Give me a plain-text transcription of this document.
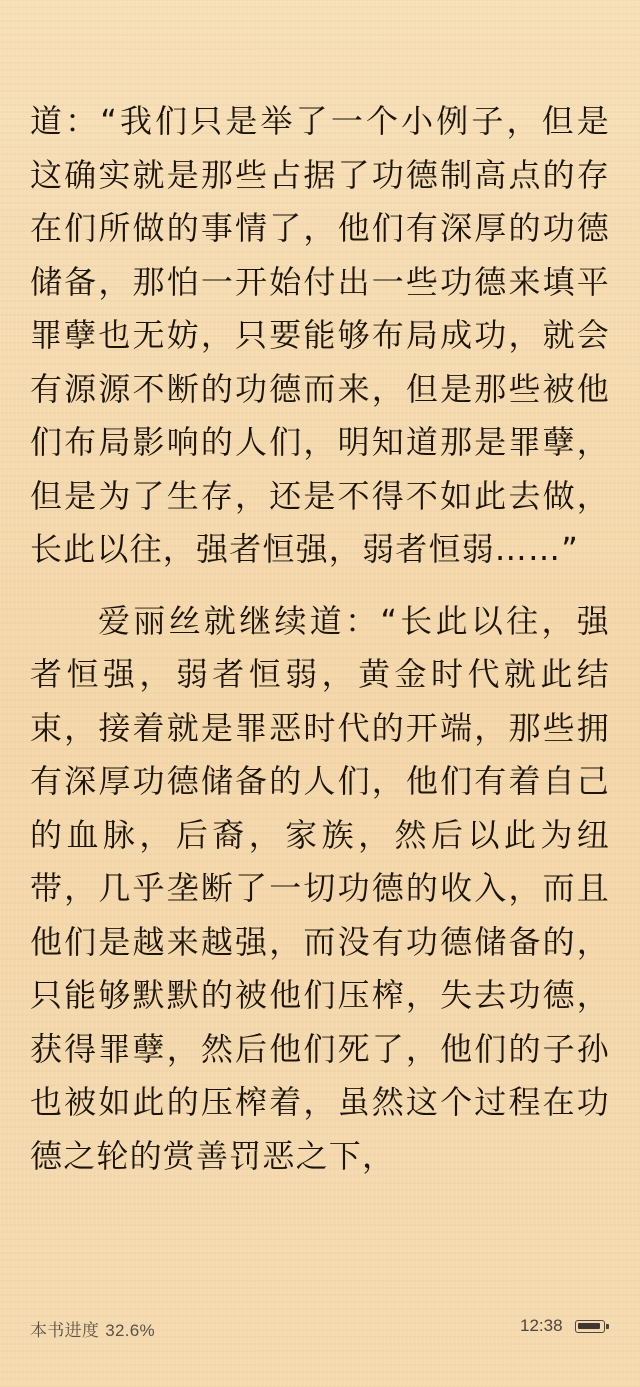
道：“我们只是举了一个小例子，但是这确实就是那些占据了功德制高点的存在们所做的事情了，他们有深厚的功德储备，那怕一开始付出一些功德来填平罪孽也无妨，只要能够布局成功，就会有源源不断的功德而来，但是那些被他们布局影响的人们，明知道那是罪孽，但是为了生存，还是不得不如此去做，长此以往，强者恒强，弱者恒弱……”

爱丽丝就继续道：“长此以往，强者恒强，弱者恒弱，黄金时代就此结束，接着就是罪恶时代的开端，那些拥有深厚功德储备的人们，他们有着自己的血脉，后裔，家族，然后以此为纽带，几乎垄断了一切功德的收入，而且他们是越来越强，而没有功德储备的，只能够默默的被他们压榨，失去功德，获得罪孽，然后他们死了，他们的子孙也被如此的压榨着，虽然这个过程在功德之轮的赏善罚恶之下，

本书进度 32.6%	12:38
